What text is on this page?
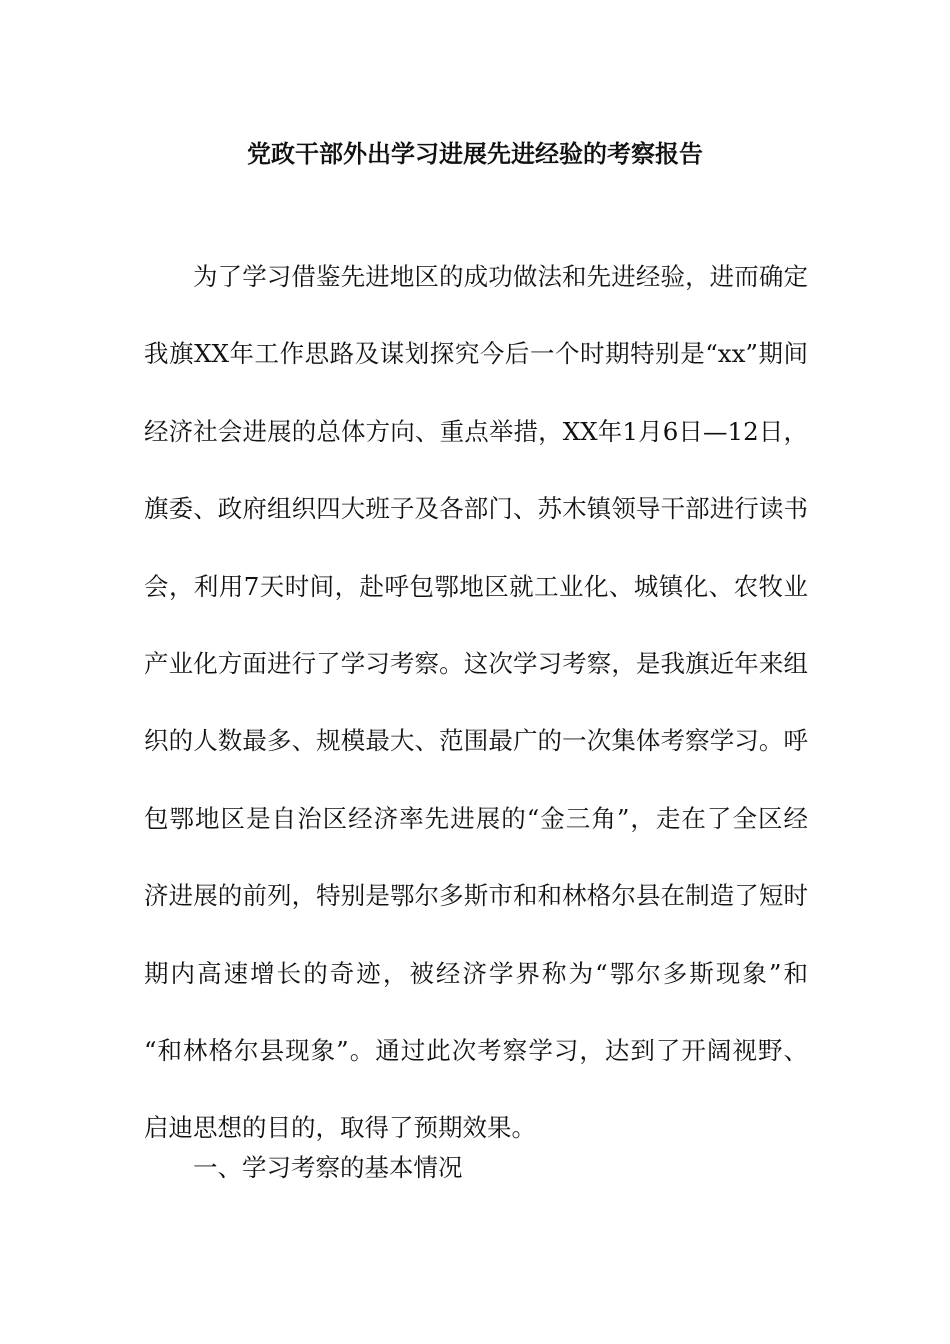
党政干部外出学习进展先进经验的考察报告
为了学习借鉴先进地区的成功做法和先进经验，进而确定
我旗XX年工作思路及谋划探究今后一个时期特别是“xx”期间
经济社会进展的总体方向、重点举措，XX年1月6日—12日，
旗委、政府组织四大班子及各部门、苏木镇领导干部进行读书
会，利用7天时间，赴呼包鄂地区就工业化、城镇化、农牧业
产业化方面进行了学习考察。这次学习考察，是我旗近年来组
织的人数最多、规模最大、范围最广的一次集体考察学习。呼
包鄂地区是自治区经济率先进展的“金三角”，走在了全区经
济进展的前列，特别是鄂尔多斯市和和林格尔县在制造了短时
期内高速增长的奇迹，被经济学界称为“鄂尔多斯现象”和
“和林格尔县现象”。通过此次考察学习，达到了开阔视野、
启迪思想的目的，取得了预期效果。
一、学习考察的基本情况
